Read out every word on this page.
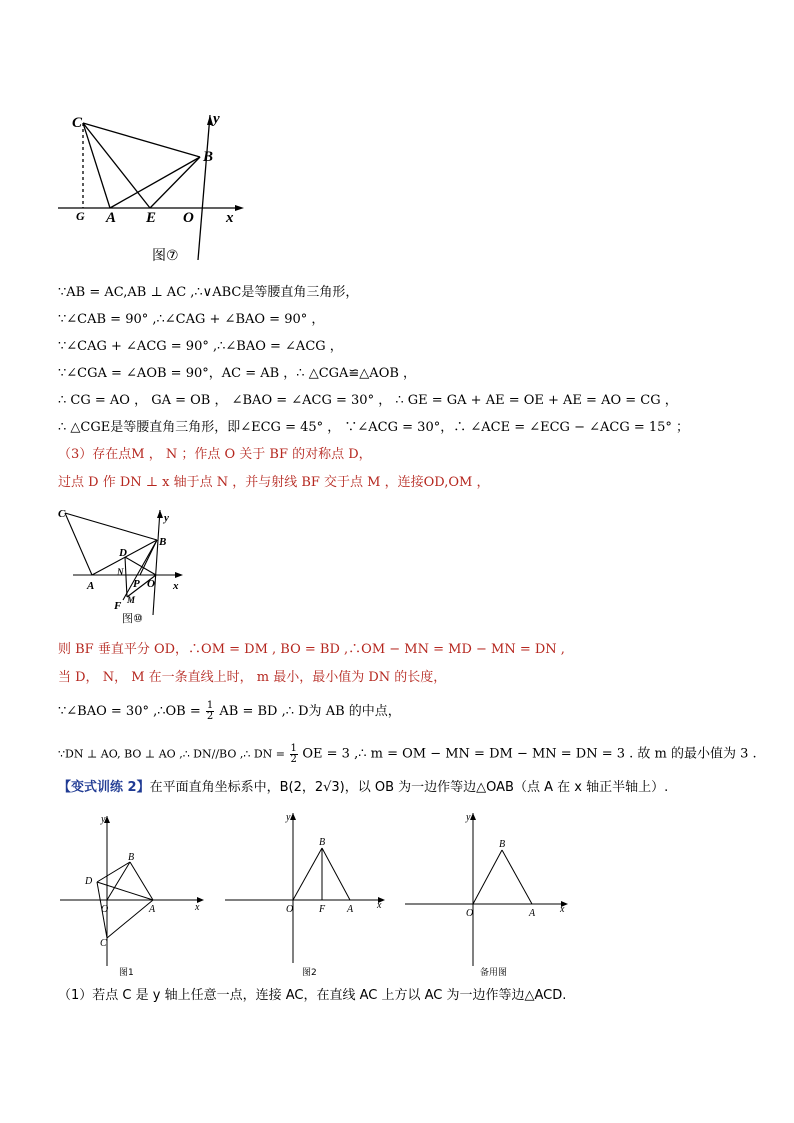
C	y
B
G A E O x
图⑦
∵AB = AC,AB ⊥ AC ,∴∨ABC是等腰直角三角形，
∵∠CAB = 90° ,∴∠CAG + ∠BAO = 90° ，
∵∠CAG + ∠ACG = 90° ,∴∠BAO = ∠ACG ，
∵∠CGA = ∠AOB = 90°，AC = AB ，∴ △CGA≌△AOB ，
∴ CG = AO ， GA = OB ， ∠BAO = ∠ACG = 30° ， ∴ GE = GA + AE = OE + AE = AO = CG ，
∴ △CGE是等腰直角三角形，即∠ECG = 45° ， ∵∠ACG = 30°，∴ ∠ACE = ∠ECG − ∠ACG = 15° ；
（3）存在点M ， N ；作点 O 关于 BF 的对称点 D，
过点 D 作 DN ⊥ x 轴于点 N ，并与射线 BF 交于点 M ，连接OD,OM ，
C	y
B
D
N
A	P O x
F M
图⑩
则 BF 垂直平分 OD，∴OM = DM , BO = BD ,∴OM − MN = MD − MN = DN ,
当 D， N， M 在一条直线上时， m 最小，最小值为 DN 的长度，
∵∠BAO = 30° ,∴OB = $\frac{1}{2}$ AB = BD ,∴ D为 AB 的中点，
∵DN ⊥ AO, BO ⊥ AO ,∴ DN//BO ,∴ DN = $\frac{1}{2}$ OE = 3 ,∴ m = OM − MN = DM − MN = DN = 3 . 故 m 的最小值为 3 .
【变式训练 2】在平面直角坐标系中，B(2，2√3)，以 OB 为一边作等边△OAB（点 A 在 x 轴正半轴上）.
y
B
D
O	A	x
C
图1
y
B
O	F A x
图2
y
B
O	A x
备用图
（1）若点 C 是 y 轴上任意一点，连接 AC，在直线 AC 上方以 AC 为一边作等边△ACD.
